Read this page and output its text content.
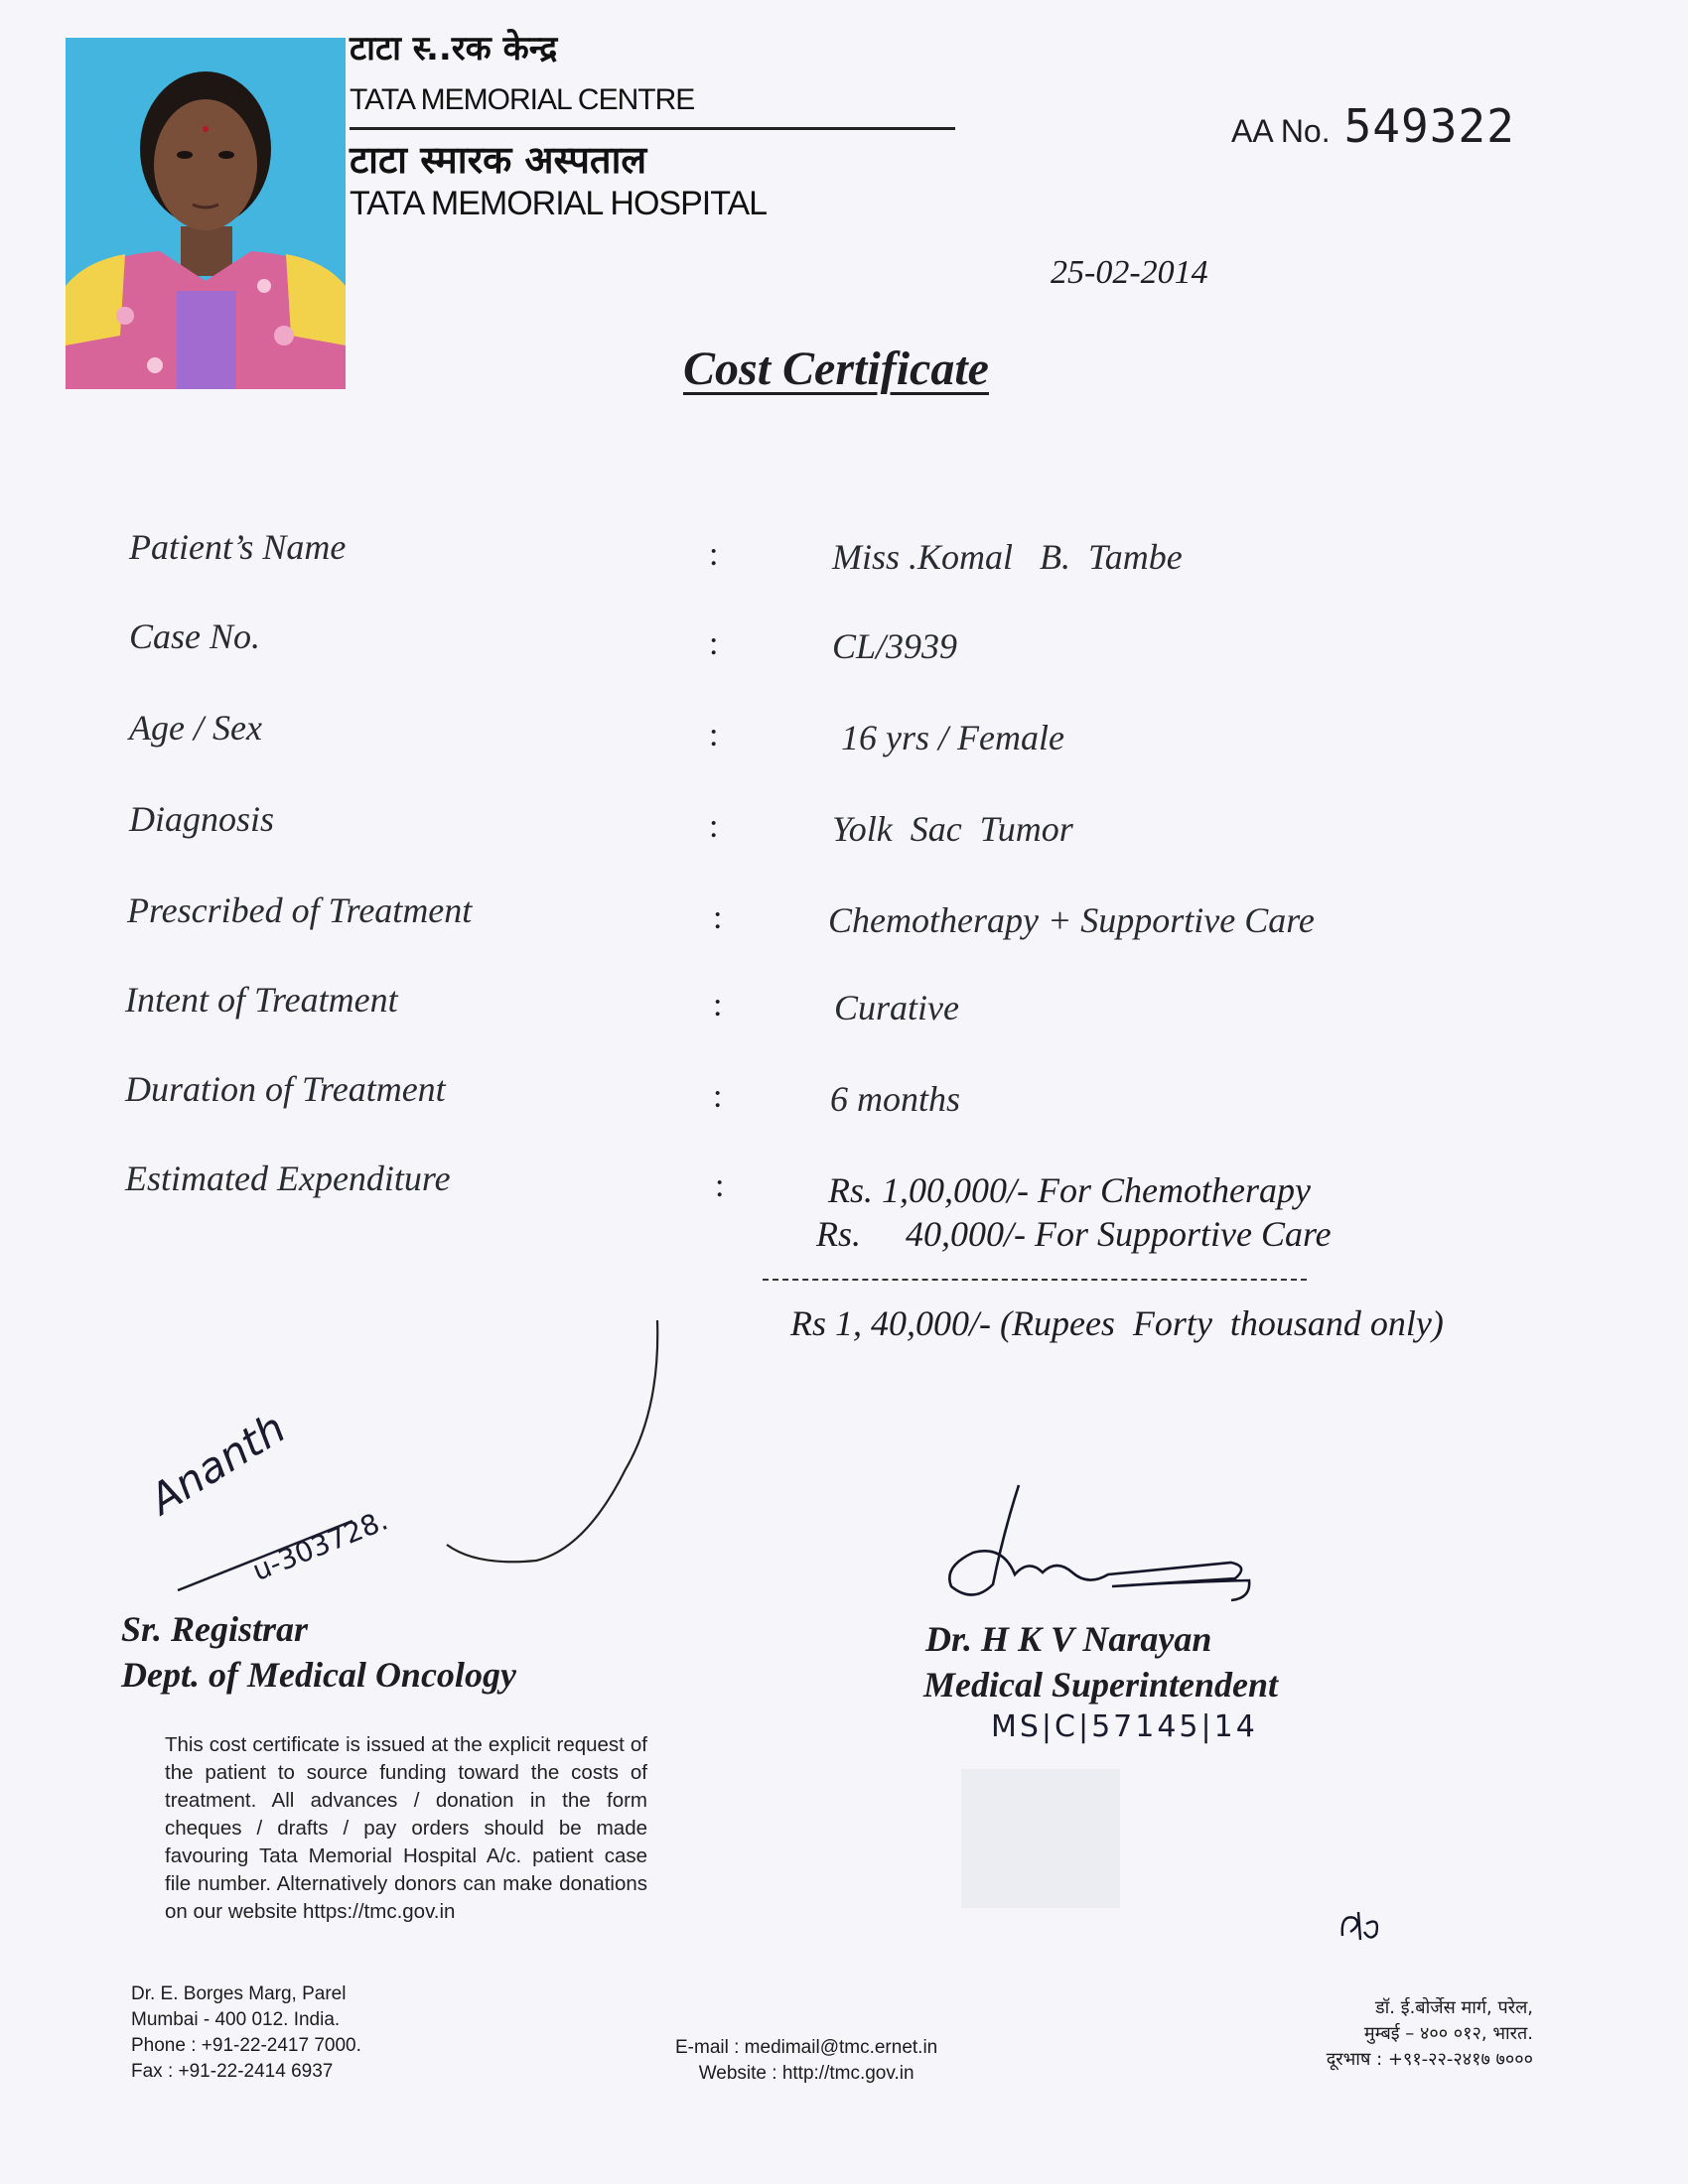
टाटा स्‍..रक केन्द्र
TATA MEMORIAL CENTRE
टाटा स्मारक अस्पताल
TATA MEMORIAL HOSPITAL
AA No. 549322
25-02-2014
Cost Certificate
Patient’s Name	:	Miss .Komal   B.  Tambe
Case No.	:	CL/3939
Age / Sex	:	16 yrs / Female
Diagnosis	:	Yolk  Sac  Tumor
Prescribed of Treatment	:	Chemotherapy + Supportive Care
Intent of Treatment	:	Curative
Duration of Treatment	:	6 months
Estimated Expenditure	:	Rs. 1,00,000/- For Chemotherapy
Rs.     40,000/- For Supportive Care
Rs 1, 40,000/- (Rupees  Forty  thousand only)
Ananth
u-303728.
Sr. Registrar
Dept. of Medical Oncology
Dr. H K V Narayan
Medical Superintendent
MS|C|57145|14
This cost certificate is issued at the explicit request of the patient to source funding toward the costs of treatment. All advances / donation in the form cheques / drafts / pay orders should be made favouring Tata Memorial Hospital A/c. patient case file number. Alternatively donors can make donations on our website https://tmc.gov.in
Dr. E. Borges Marg, Parel
Mumbai - 400 012. India.
Phone : +91-22-2417 7000.
Fax : +91-22-2414 6937
E-mail : medimail@tmc.ernet.in
Website : http://tmc.gov.in
डॉ. ई.बोर्जेस मार्ग, परेल,
मुम्बई – ४०० ०१२, भारत.
दूरभाष : +९१-२२-२४१७ ७०००
